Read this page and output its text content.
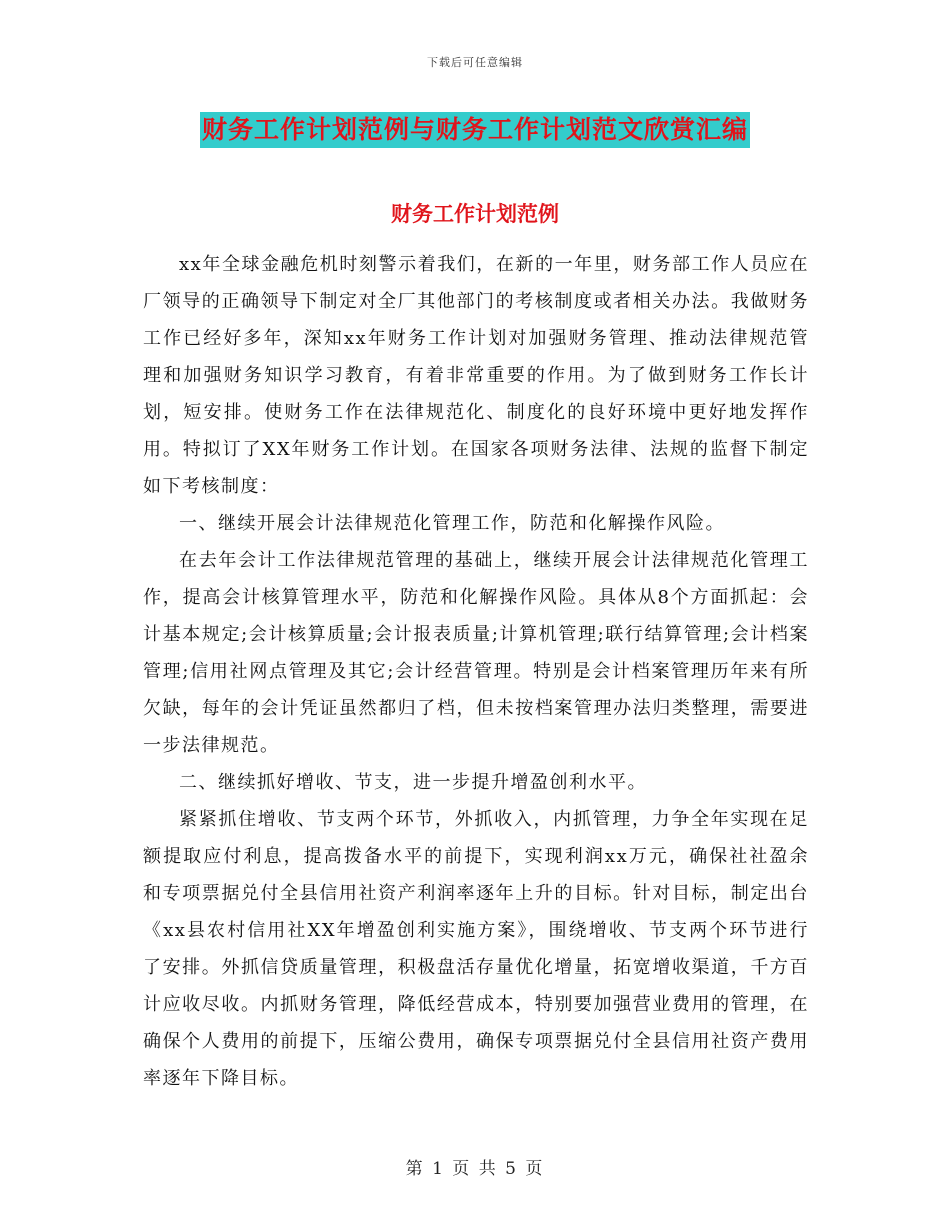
下载后可任意编辑
财务工作计划范例与财务工作计划范文欣赏汇编
财务工作计划范例

xx年全球金融危机时刻警示着我们，在新的一年里，财务部工作人员应在厂领导的正确领导下制定对全厂其他部门的考核制度或者相关办法。我做财务工作已经好多年，深知xx年财务工作计划对加强财务管理、推动法律规范管理和加强财务知识学习教育，有着非常重要的作用。为了做到财务工作长计划，短安排。使财务工作在法律规范化、制度化的良好环境中更好地发挥作用。特拟订了XX年财务工作计划。在国家各项财务法律、法规的监督下制定如下考核制度：

一、继续开展会计法律规范化管理工作，防范和化解操作风险。

在去年会计工作法律规范管理的基础上，继续开展会计法律规范化管理工作，提高会计核算管理水平，防范和化解操作风险。具体从8个方面抓起：会计基本规定;会计核算质量;会计报表质量;计算机管理;联行结算管理;会计档案管理;信用社网点管理及其它;会计经营管理。特别是会计档案管理历年来有所欠缺，每年的会计凭证虽然都归了档，但未按档案管理办法归类整理，需要进一步法律规范。

二、继续抓好增收、节支，进一步提升增盈创利水平。

紧紧抓住增收、节支两个环节，外抓收入，内抓管理，力争全年实现在足额提取应付利息，提高拨备水平的前提下，实现利润xx万元，确保社社盈余和专项票据兑付全县信用社资产利润率逐年上升的目标。针对目标，制定出台《xx县农村信用社XX年增盈创利实施方案》，围绕增收、节支两个环节进行了安排。外抓信贷质量管理，积极盘活存量优化增量，拓宽增收渠道，千方百计应收尽收。内抓财务管理，降低经营成本，特别要加强营业费用的管理，在确保个人费用的前提下，压缩公费用，确保专项票据兑付全县信用社资产费用率逐年下降目标。

第 1 页 共 5 页
